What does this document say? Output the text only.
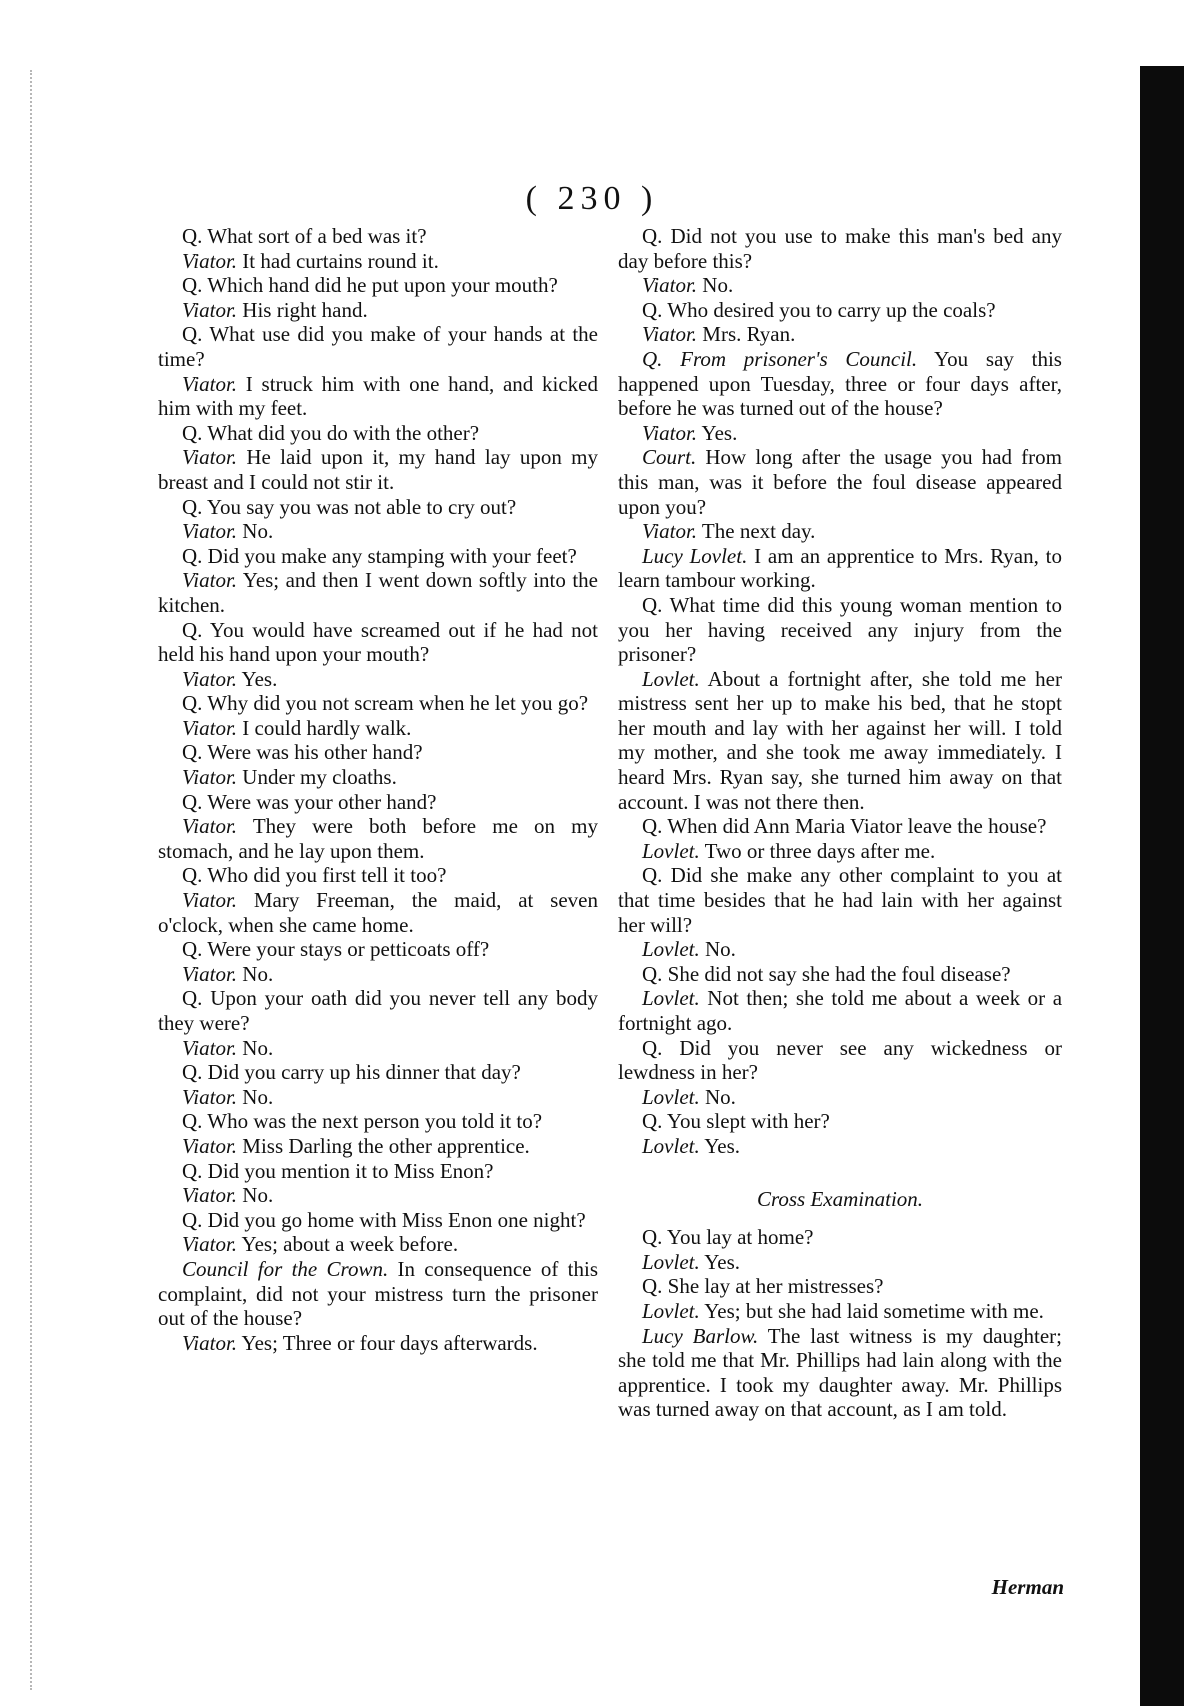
( 230 )

Q. What sort of a bed was it?

Viator. It had curtains round it.

Q. Which hand did he put upon your mouth?

Viator. His right hand.

Q. What use did you make of your hands at the time?

Viator. I struck him with one hand, and kicked him with my feet.

Q. What did you do with the other?

Viator. He laid upon it, my hand lay upon my breast and I could not stir it.

Q. You say you was not able to cry out?

Viator. No.

Q. Did you make any stamping with your feet?

Viator. Yes; and then I went down softly into the kitchen.

Q. You would have screamed out if he had not held his hand upon your mouth?

Viator. Yes.

Q. Why did you not scream when he let you go?

Viator. I could hardly walk.

Q. Were was his other hand?

Viator. Under my cloaths.

Q. Were was your other hand?

Viator. They were both before me on my stomach, and he lay upon them.

Q. Who did you first tell it too?

Viator. Mary Freeman, the maid, at seven o'clock, when she came home.

Q. Were your stays or petticoats off?

Viator. No.

Q. Upon your oath did you never tell any body they were?

Viator. No.

Q. Did you carry up his dinner that day?

Viator. No.

Q. Who was the next person you told it to?

Viator. Miss Darling the other apprentice.

Q. Did you mention it to Miss Enon?

Viator. No.

Q. Did you go home with Miss Enon one night?

Viator. Yes; about a week before.

Council for the Crown. In consequence of this complaint, did not your mistress turn the prisoner out of the house?

Viator. Yes; Three or four days afterwards.

Q. Did not you use to make this man's bed any day before this?

Viator. No.

Q. Who desired you to carry up the coals?

Viator. Mrs. Ryan.

Q. From prisoner's Council. You say this happened upon Tuesday, three or four days after, before he was turned out of the house?

Viator. Yes.

Court. How long after the usage you had from this man, was it before the foul disease appeared upon you?

Viator. The next day.

Lucy Lovlet. I am an apprentice to Mrs. Ryan, to learn tambour working.

Q. What time did this young woman mention to you her having received any injury from the prisoner?

Lovlet. About a fortnight after, she told me her mistress sent her up to make his bed, that he stopt her mouth and lay with her against her will. I told my mother, and she took me away immediately. I heard Mrs. Ryan say, she turned him away on that account. I was not there then.

Q. When did Ann Maria Viator leave the house?

Lovlet. Two or three days after me.

Q. Did she make any other complaint to you at that time besides that he had lain with her against her will?

Lovlet. No.

Q. She did not say she had the foul disease?

Lovlet. Not then; she told me about a week or a fortnight ago.

Q. Did you never see any wickedness or lewdness in her?

Lovlet. No.

Q. You slept with her?

Lovlet. Yes.

Cross Examination.

Q. You lay at home?

Lovlet. Yes.

Q. She lay at her mistresses?

Lovlet. Yes; but she had laid sometime with me.

Lucy Barlow. The last witness is my daughter; she told me that Mr. Phillips had lain along with the apprentice. I took my daughter away. Mr. Phillips was turned away on that account, as I am told.

Herman
